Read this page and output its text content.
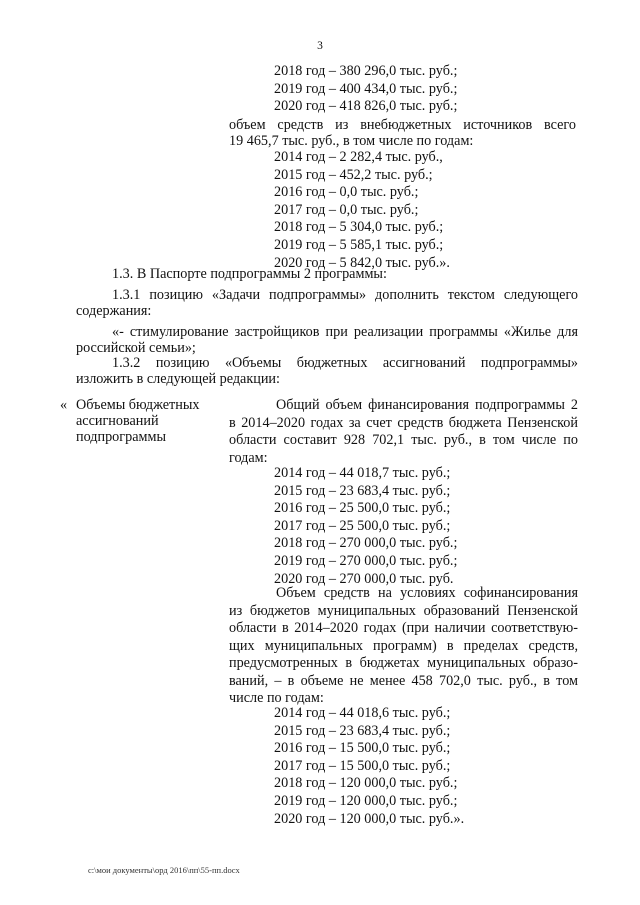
3
2018 год – 380 296,0 тыс. руб.;
2019 год – 400 434,0 тыс. руб.;
2020 год – 418 826,0 тыс. руб.;
объем средств из внебюджетных источников всего
19 465,7 тыс. руб., в том числе по годам:
2014 год – 2 282,4 тыс. руб.,
2015 год – 452,2 тыс. руб.;
2016 год – 0,0 тыс. руб.;
2017 год – 0,0 тыс. руб.;
2018 год – 5 304,0 тыс. руб.;
2019 год – 5 585,1 тыс. руб.;
2020 год – 5 842,0 тыс. руб.».
1.3. В Паспорте подпрограммы 2 программы:
1.3.1 позицию «Задачи подпрограммы» дополнить текстом следующего
содержания:
«- стимулирование застройщиков при реализации программы «Жилье для
российской семьи»;
1.3.2 позицию «Объемы бюджетных ассигнований подпрограммы»
изложить в следующей редакции:
« Объемы бюджетных
ассигнований
подпрограммы
Общий объем финансирования подпрограммы 2
в 2014–2020 годах за счет средств бюджета Пензенской
области составит 928 702,1 тыс. руб., в том числе по
годам:
2014 год – 44 018,7 тыс. руб.;
2015 год – 23 683,4 тыс. руб.;
2016 год – 25 500,0 тыс. руб.;
2017 год – 25 500,0 тыс. руб.;
2018 год – 270 000,0 тыс. руб.;
2019 год – 270 000,0 тыс. руб.;
2020 год – 270 000,0 тыс. руб.
Объем средств на условиях софинансирования
из бюджетов муниципальных образований Пензенской
области в 2014–2020 годах (при наличии соответствую-
щих муниципальных программ) в пределах средств,
предусмотренных в бюджетах муниципальных образо-
ваний, – в объеме не менее 458 702,0 тыс. руб., в том
числе по годам:
2014 год – 44 018,6 тыс. руб.;
2015 год – 23 683,4 тыс. руб.;
2016 год – 15 500,0 тыс. руб.;
2017 год – 15 500,0 тыс. руб.;
2018 год – 120 000,0 тыс. руб.;
2019 год – 120 000,0 тыс. руб.;
2020 год – 120 000,0 тыс. руб.».
c:\мои документы\орд 2016\пп\55-пп.docx
